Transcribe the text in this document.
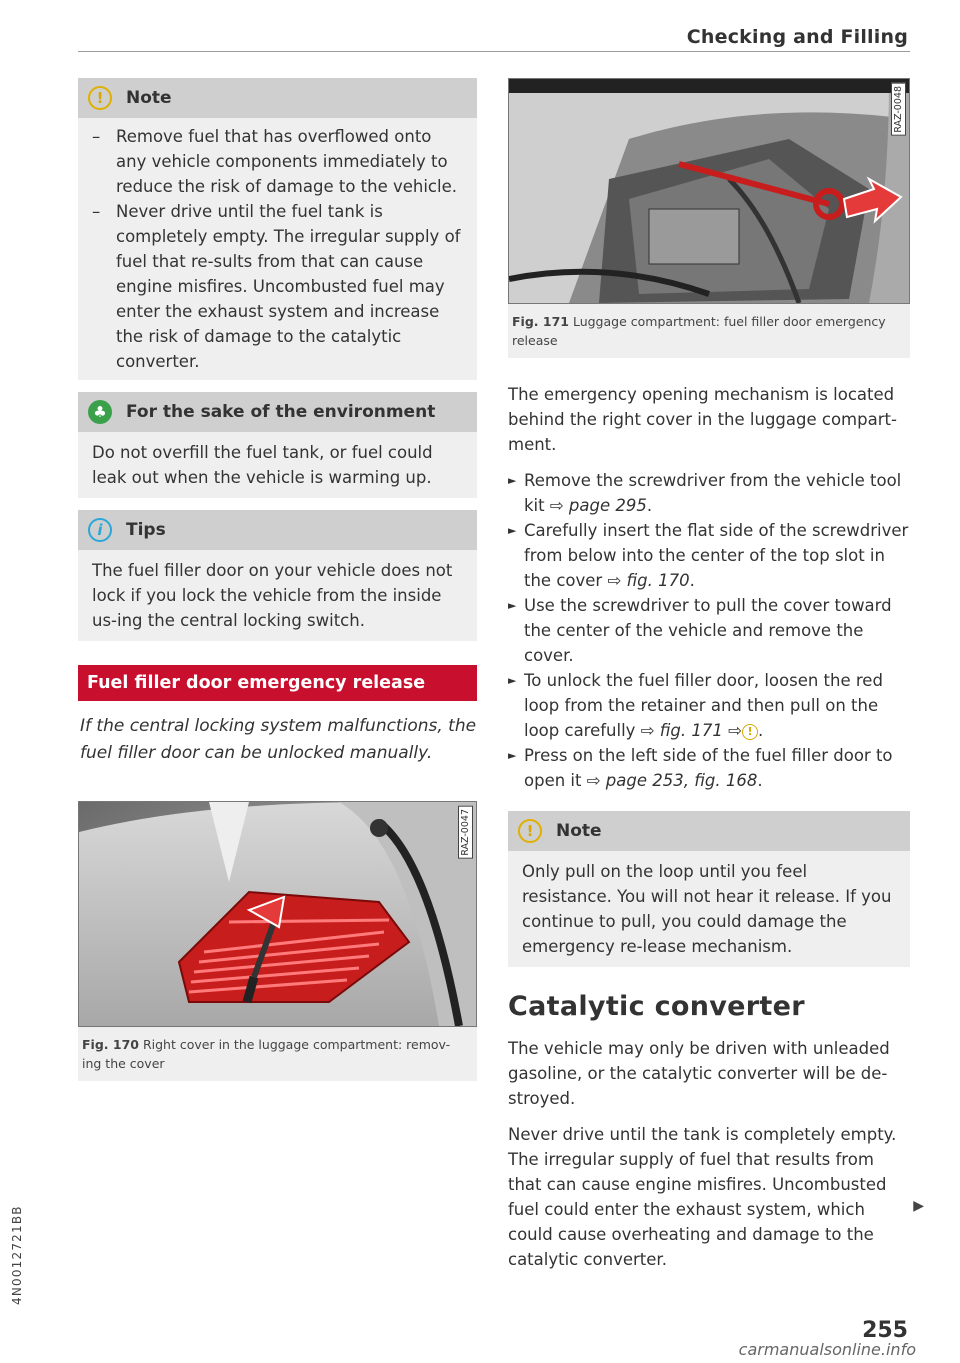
Checking and Filling
!	Note
– Remove fuel that has overflowed onto any vehicle components immediately to reduce the risk of damage to the vehicle.
– Never drive until the fuel tank is completely empty. The irregular supply of fuel that re-sults from that can cause engine misfires. Uncombusted fuel may enter the exhaust system and increase the risk of damage to the catalytic converter.
♣	For the sake of the environment
Do not overfill the fuel tank, or fuel could leak out when the vehicle is warming up.
i	Tips
The fuel filler door on your vehicle does not lock if you lock the vehicle from the inside us-ing the central locking switch.
Fuel filler door emergency release
If the central locking system malfunctions, the fuel filler door can be unlocked manually.
RAZ-0047
Fig. 170 Right cover in the luggage compartment: remov-ing the cover
RAZ-0048
Fig. 171 Luggage compartment: fuel filler door emergency release
The emergency opening mechanism is located behind the right cover in the luggage compart-ment.
► Remove the screwdriver from the vehicle tool kit ⇨ page 295.
► Carefully insert the flat side of the screwdriver from below into the center of the top slot in the cover ⇨ fig. 170.
► Use the screwdriver to pull the cover toward the center of the vehicle and remove the cover.
► To unlock the fuel filler door, loosen the red loop from the retainer and then pull on the loop carefully ⇨ fig. 171 ⇨ ! .
► Press on the left side of the fuel filler door to open it ⇨ page 253, fig. 168.
!	Note
Only pull on the loop until you feel resistance. You will not hear it release. If you continue to pull, you could damage the emergency re-lease mechanism.
Catalytic converter
The vehicle may only be driven with unleaded gasoline, or the catalytic converter will be de-stroyed.
Never drive until the tank is completely empty. The irregular supply of fuel that results from that can cause engine misfires. Uncombusted fuel could enter the exhaust system, which could cause overheating and damage to the catalytic converter.
▶
4N0012721BB
255
carmanualsonline.info
